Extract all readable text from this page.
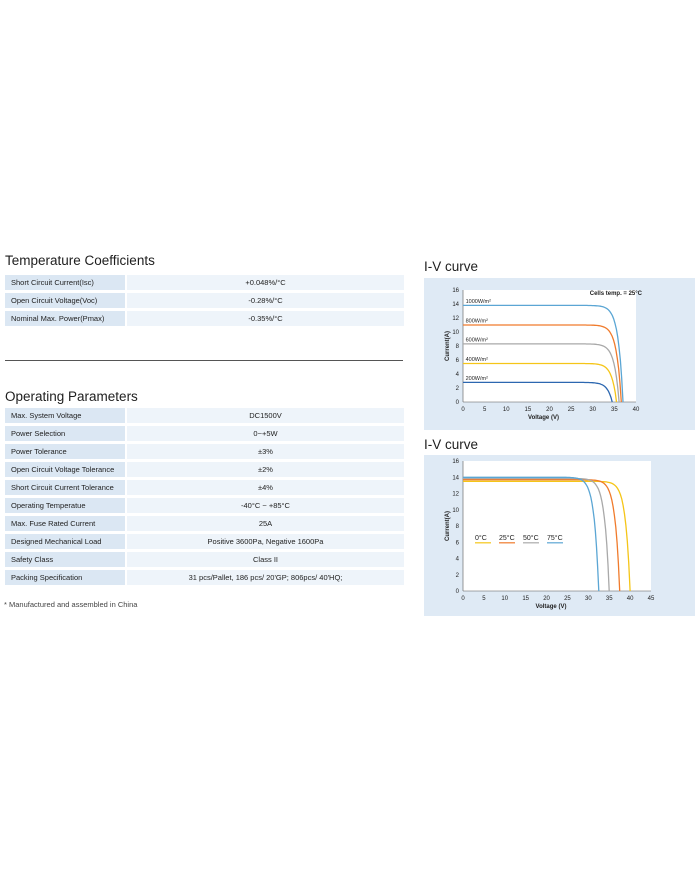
Temperature Coefficients
Short Circuit Current(Isc)	+0.048%/°C
Open Circuit Voltage(Voc)	-0.28%/°C
Nominal Max. Power(Pmax)	-0.35%/°C
Operating Parameters
Max. System Voltage	DC1500V
Power Selection	0~+5W
Power Tolerance	±3%
Open Circuit Voltage Tolerance	±2%
Short Circuit Current Tolerance	±4%
Operating Temperatue	-40°C ~ +85°C
Max. Fuse Rated Current	25A
Designed Mechanical Load	Positive 3600Pa, Negative 1600Pa
Safety Class	Class II
Packing Specification	31 pcs/Pallet, 186 pcs/ 20'GP; 806pcs/ 40'HQ;
* Manufactured and assembled in China
I-V curve
0	5	10 15 20 25 30 35 40
0
2
4
6
8
10
12
14
16
Voltage (V)
Current(A)
Cells temp. = 25°C
1000W/m²
800W/m²
600W/m²
400W/m²
200W/m²
I-V curve
0	5	10 15 20 25 30 35 40 45
0
2
4
6
8
10
12
14
16
Voltage (V)
Current(A)	0°C 25°C 50°C 75°C
